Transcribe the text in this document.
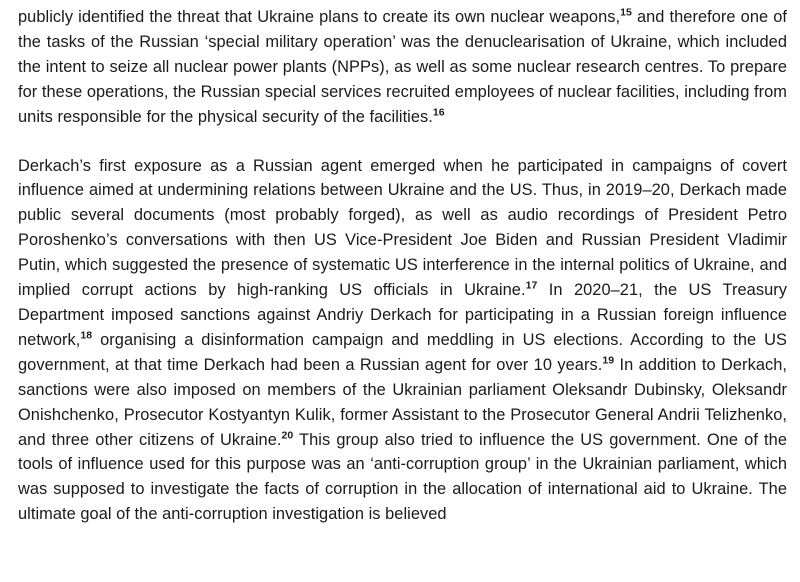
publicly identified the threat that Ukraine plans to create its own nuclear weapons,$^{15}$ and therefore one of the tasks of the Russian ‘special military operation’ was the denuclearisation of Ukraine, which included the intent to seize all nuclear power plants (NPPs), as well as some nuclear research centres. To prepare for these operations, the Russian special services recruited employees of nuclear facilities, including from units responsible for the physical security of the facilities.$^{16}$

Derkach’s first exposure as a Russian agent emerged when he participated in campaigns of covert influence aimed at undermining relations between Ukraine and the US. Thus, in 2019–20, Derkach made public several documents (most probably forged), as well as audio recordings of President Petro Poroshenko’s conversations with then US Vice-President Joe Biden and Russian President Vladimir Putin, which suggested the presence of systematic US interference in the internal politics of Ukraine, and implied corrupt actions by high-ranking US officials in Ukraine.$^{17}$ In 2020–21, the US Treasury Department imposed sanctions against Andriy Derkach for participating in a Russian foreign influence network,$^{18}$ organising a disinformation campaign and meddling in US elections. According to the US government, at that time Derkach had been a Russian agent for over 10 years.$^{19}$ In addition to Derkach, sanctions were also imposed on members of the Ukrainian parliament Oleksandr Dubinsky, Oleksandr Onishchenko, Prosecutor Kostyantyn Kulik, former Assistant to the Prosecutor General Andrii Telizhenko, and three other citizens of Ukraine.$^{20}$ This group also tried to influence the US government. One of the tools of influence used for this purpose was an ‘anti-corruption group’ in the Ukrainian parliament, which was supposed to investigate the facts of corruption in the allocation of international aid to Ukraine. The ultimate goal of the anti-corruption investigation is believed
